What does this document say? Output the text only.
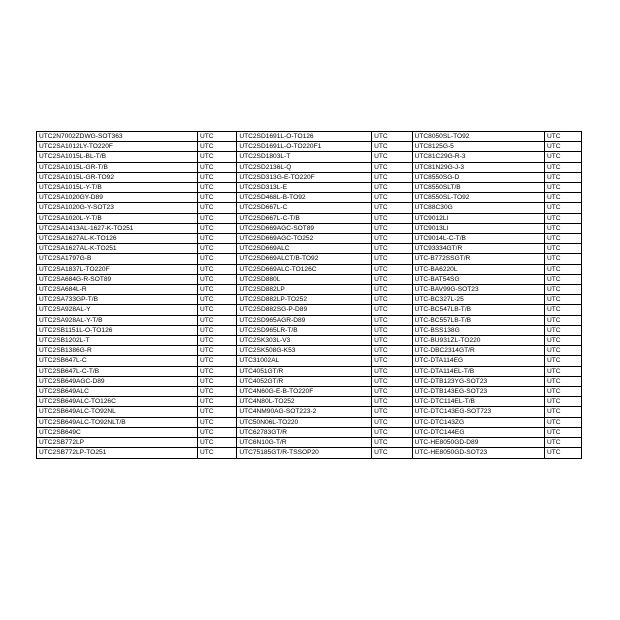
UTC2N7002ZDWG-SOT363	UTC	UTC2SD1691L-O-TO126	UTC	UTC8050SL-TO92	UTC
UTC2SA1012LY-TO220F	UTC	UTC2SD1691L-O-TO220F1	UTC	UTC8125G-5	UTC
UTC2SA1015L-BL-T/B	UTC	UTC2SD1803L-T	UTC	UTC81C29G-R-3	UTC
UTC2SA1015L-GR-T/B	UTC	UTC2SD2136L-Q	UTC	UTC81N29G-J-3	UTC
UTC2SA1015L-GR-TO92	UTC	UTC2SD313G-E-TO220F	UTC	UTC8550SG-D	UTC
UTC2SA1015L-Y-T/B	UTC	UTC2SD313L-E	UTC	UTC8550SLT/B	UTC
UTC2SA1020GY-D89	UTC	UTC2SD468L-B-TO92	UTC	UTC8550SL-TO92	UTC
UTC2SA1020G-Y-SOT23	UTC	UTC2SD667L-C	UTC	UTC88C30G	UTC
UTC2SA1020L-Y-T/B	UTC	UTC2SD667L-C-T/B	UTC	UTC9012LI	UTC
UTC2SA1413AL-1627-K-TO251	UTC	UTC2SD669AGC-SOT89	UTC	UTC9013LI	UTC
UTC2SA1627AL-K-TO126	UTC	UTC2SD669AGC-TO252	UTC	UTC9014L-C-T/B	UTC
UTC2SA1627AL-K-TO251	UTC	UTC2SD669ALC	UTC	UTC93334GT/R	UTC
UTC2SA1797G-B	UTC	UTC2SD669ALCT/B-TO92	UTC	UTC-B772SSGT/R	UTC
UTC2SA1837L-TO220F	UTC	UTC2SD669ALC-TO126C	UTC	UTC-BA6220L	UTC
UTC2SA684G-R-SOT89	UTC	UTC2SD880L	UTC	UTC-BAT54SG	UTC
UTC2SA684L-R	UTC	UTC2SD882LP	UTC	UTC-BAV99G-SOT23	UTC
UTC2SA733GP-T/B	UTC	UTC2SD882LP-TO252	UTC	UTC-BC327L-25	UTC
UTC2SA928AL-Y	UTC	UTC2SD882SG-P-D89	UTC	UTC-BC547LB-T/B	UTC
UTC2SA928AL-Y-T/B	UTC	UTC2SD965AGR-D89	UTC	UTC-BC557LB-T/B	UTC
UTC2SB1151L-O-TO126	UTC	UTC2SD965LR-T/B	UTC	UTC-BSS138G	UTC
UTC2SB1202L-T	UTC	UTC2SK303L-V3	UTC	UTC-BU931ZL-TO220	UTC
UTC2SB1386G-R	UTC	UTC2SK508G-K53	UTC	UTC-DBC2314GT/R	UTC
UTC2SB647L-C	UTC	UTC31002AL	UTC	UTC-DTA114EG	UTC
UTC2SB647L-C-T/B	UTC	UTC4051GT/R	UTC	UTC-DTA114EL-T/B	UTC
UTC2SB649AGC-D89	UTC	UTC4052GT/R	UTC	UTC-DTB123YG-SOT23	UTC
UTC2SB649ALC	UTC	UTC4N60G-E-B-TO220F	UTC	UTC-DTB143EG-SOT23	UTC
UTC2SB649ALC-TO126C	UTC	UTC4N80L-TO252	UTC	UTC-DTC114EL-T/B	UTC
UTC2SB649ALC-TO92NL	UTC	UTC4NM90AG-SOT223-2	UTC	UTC-DTC143EG-SOT723	UTC
UTC2SB649ALC-TO92NLT/B	UTC	UTC50N06L-TO220	UTC	UTC-DTC143ZG	UTC
UTC2SB649C	UTC	UTC62783GT/R	UTC	UTC-DTC144EG	UTC
UTC2SB772LP	UTC	UTC6N10G-T/R	UTC	UTC-HE8050GD-D89	UTC
UTC2SB772LP-TO251	UTC	UTC75185GT/R-TSSOP20	UTC	UTC-HE8050GD-SOT23	UTC
